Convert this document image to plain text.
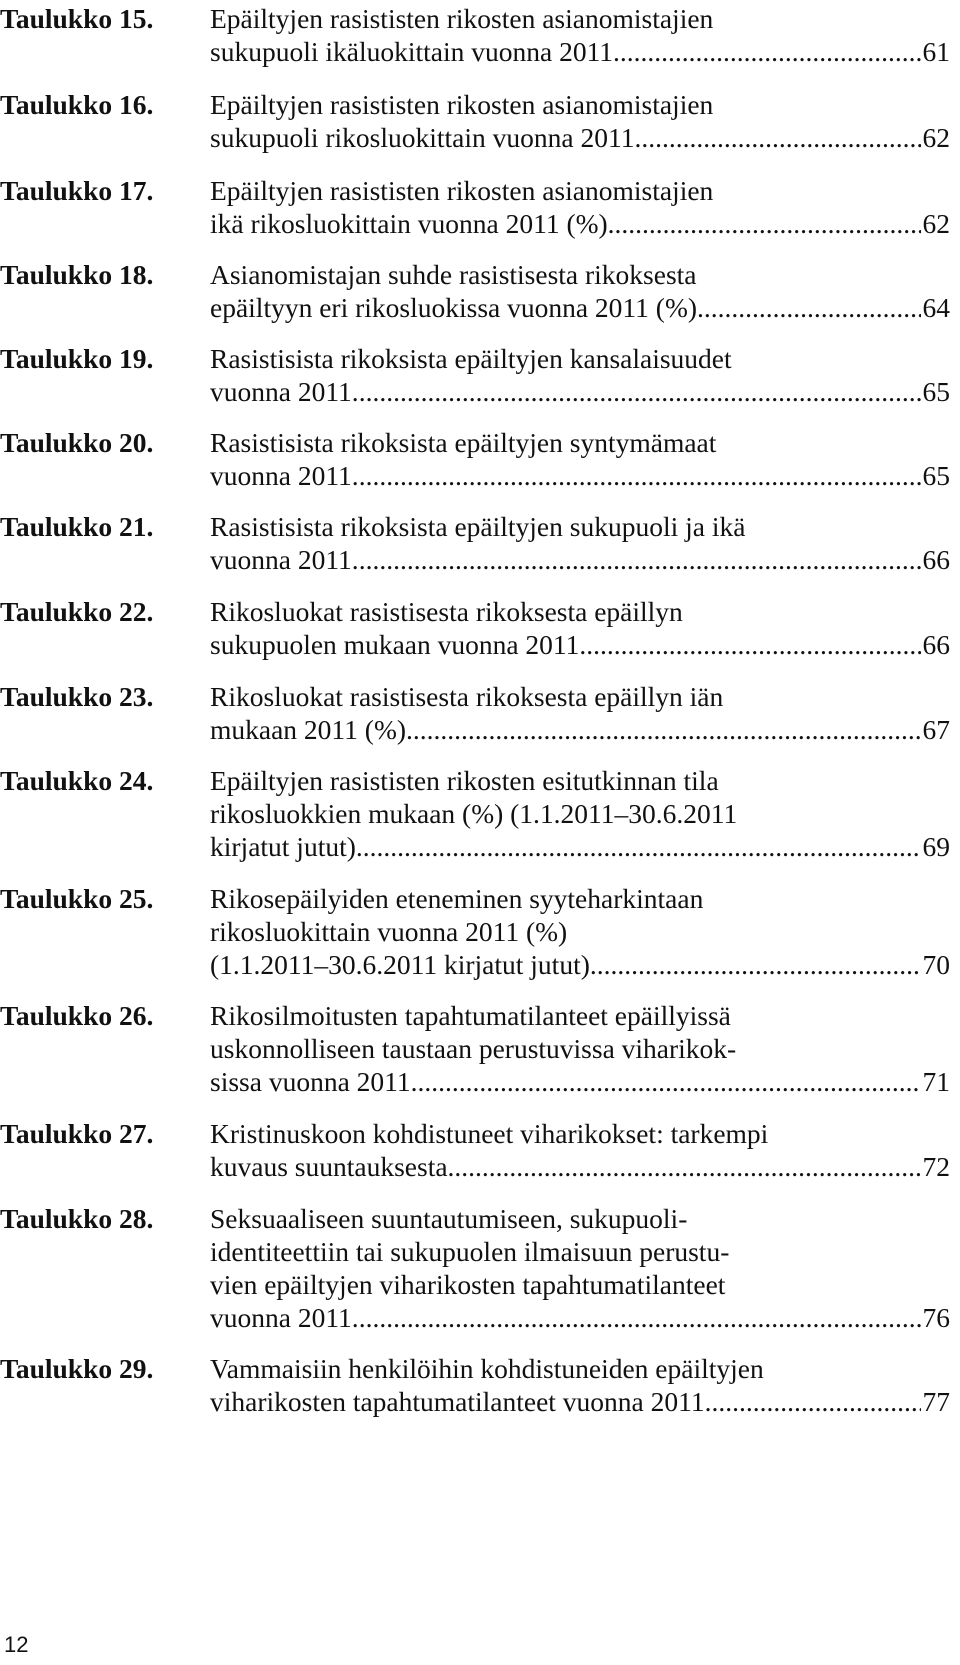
Taulukko 15. Epäiltyjen rasististen rikosten asianomistajien
sukupuoli ikäluokittain vuonna 2011. .....	61
Taulukko 16. Epäiltyjen rasististen rikosten asianomistajien
sukupuoli rikosluokittain vuonna 2011. .....	62
Taulukko 17. Epäiltyjen rasististen rikosten asianomistajien
ikä rikosluokittain vuonna 2011 (%) .....	62
Taulukko 18. Asianomistajan suhde rasistisesta rikoksesta
epäiltyyn eri rikosluokissa vuonna 2011 (%) .....	64
Taulukko 19. Rasistisista rikoksista epäiltyjen kansalaisuudet
vuonna 2011. .....	65
Taulukko 20. Rasistisista rikoksista epäiltyjen syntymämaat
vuonna 2011. .....	65
Taulukko 21. Rasistisista rikoksista epäiltyjen sukupuoli ja ikä
vuonna 2011. .....	66
Taulukko 22. Rikosluokat rasistisesta rikoksesta epäillyn
sukupuolen mukaan vuonna 2011. .....	66
Taulukko 23. Rikosluokat rasistisesta rikoksesta epäillyn iän
mukaan 2011 (%). .....	67
Taulukko 24. Epäiltyjen rasististen rikosten esitutkinnan tila
rikosluokkien mukaan (%) (1.1.2011–30.6.2011
kirjatut jutut) .....	69
Taulukko 25. Rikosepäilyiden eteneminen syyteharkintaan
rikosluokittain vuonna 2011 (%)
(1.1.2011–30.6.2011 kirjatut jutut) .....	70
Taulukko 26. Rikosilmoitusten tapahtumatilanteet epäillyissä
uskonnolliseen taustaan perustuvissa viharikok-
sissa vuonna 2011. .....	71
Taulukko 27. Kristinuskoon kohdistuneet viharikokset: tarkempi
kuvaus suuntauksesta. .....	72
Taulukko 28. Seksuaaliseen suuntautumiseen, sukupuoli-
identiteettiin tai sukupuolen ilmaisuun perustu-
vien epäiltyjen viharikosten tapahtumatilanteet
vuonna 2011. .....	76
Taulukko 29. Vammaisiin henkilöihin kohdistuneiden epäiltyjen
viharikosten tapahtumatilanteet vuonna 2011. .....	77
12
